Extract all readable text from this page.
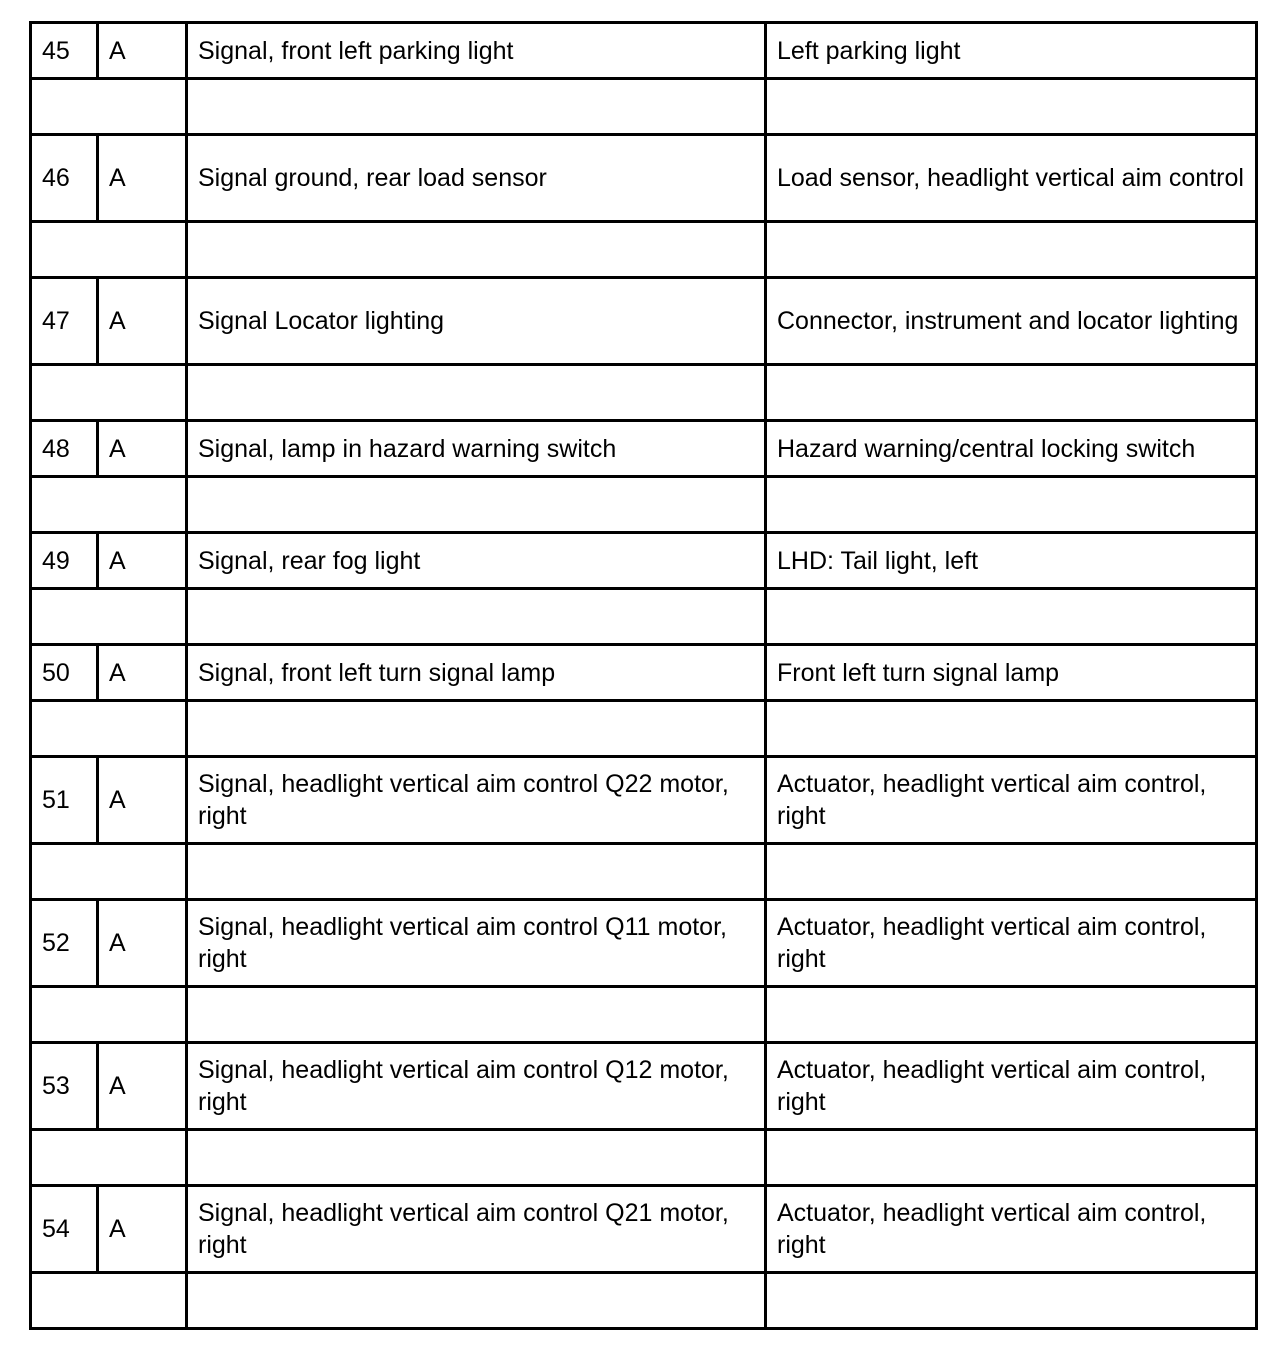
45	A	Signal, front left parking light	Left parking light

46	A	Signal ground, rear load sensor	Load sensor, headlight vertical aim control

47	A	Signal Locator lighting	Connector, instrument and locator lighting

48	A	Signal, lamp in hazard warning switch	Hazard warning/central locking switch

49	A	Signal, rear fog light	LHD: Tail light, left

50	A	Signal, front left turn signal lamp	Front left turn signal lamp

51	A	Signal, headlight vertical aim control Q22 motor, right	Actuator, headlight vertical aim control, right

52	A	Signal, headlight vertical aim control Q11 motor, right	Actuator, headlight vertical aim control, right

53	A	Signal, headlight vertical aim control Q12 motor, right	Actuator, headlight vertical aim control, right

54	A	Signal, headlight vertical aim control Q21 motor, right	Actuator, headlight vertical aim control, right
